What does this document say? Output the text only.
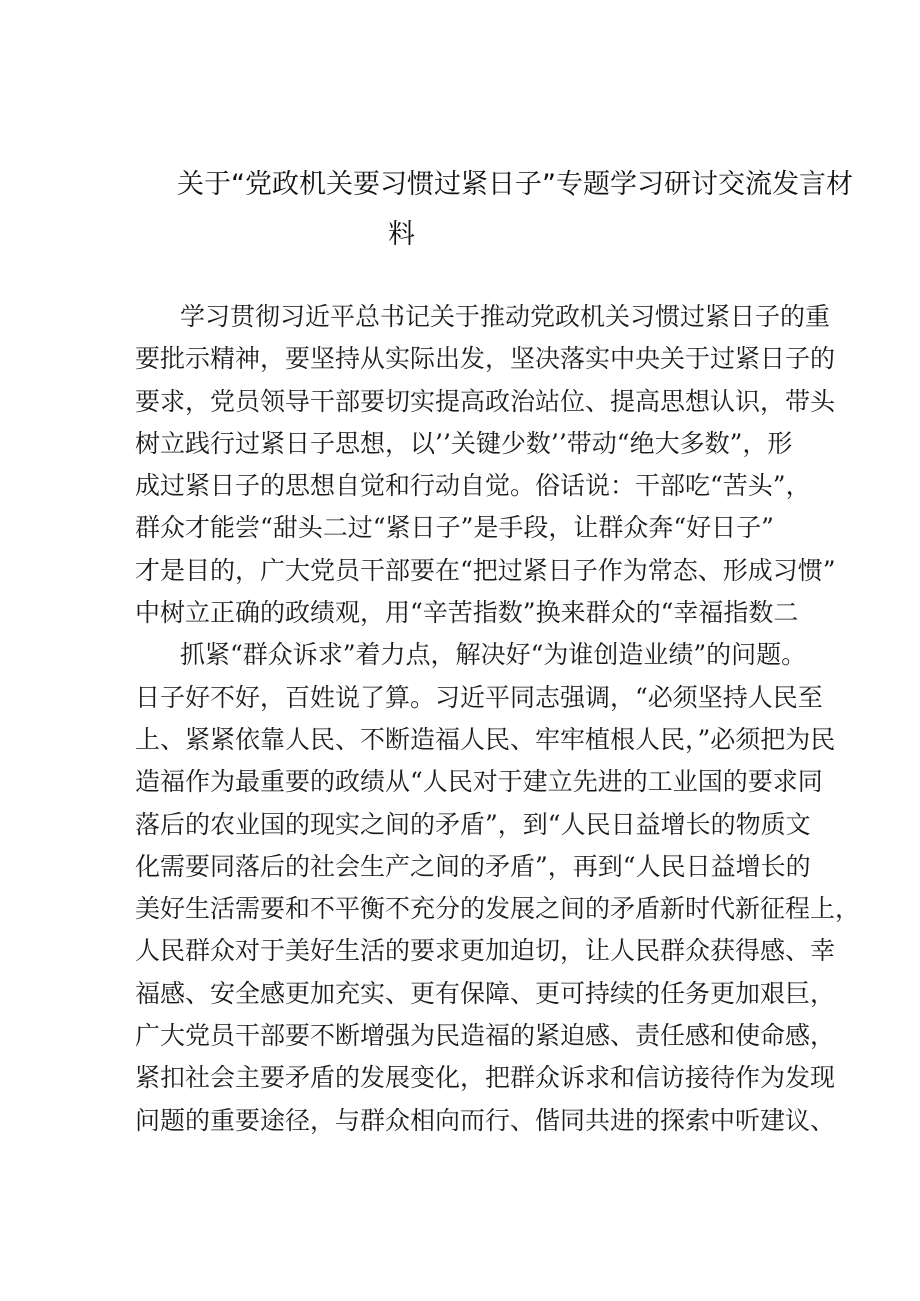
关于“党政机关要习惯过紧日子”专题学习研讨交流发言材
料
学习贯彻习近平总书记关于推动党政机关习惯过紧日子的重
要批示精神，要坚持从实际出发，坚决落实中央关于过紧日子的
要求，党员领导干部要切实提高政治站位、提高思想认识，带头
树立践行过紧日子思想，以’’关键少数’’带动“绝大多数”，形
成过紧日子的思想自觉和行动自觉。俗话说：干部吃“苦头”，
群众才能尝“甜头二过“紧日子”是手段，让群众奔“好日子”
才是目的，广大党员干部要在“把过紧日子作为常态、形成习惯”
中树立正确的政绩观，用“辛苦指数”换来群众的“幸福指数二
抓紧“群众诉求”着力点，解决好“为谁创造业绩”的问题。
日子好不好，百姓说了算。习近平同志强调，“必须坚持人民至
上、紧紧依靠人民、不断造福人民、牢牢植根人民，”必须把为民
造福作为最重要的政绩从“人民对于建立先进的工业国的要求同
落后的农业国的现实之间的矛盾”，到“人民日益增长的物质文
化需要同落后的社会生产之间的矛盾”，再到“人民日益增长的
美好生活需要和不平衡不充分的发展之间的矛盾新时代新征程上，
人民群众对于美好生活的要求更加迫切，让人民群众获得感、幸
福感、安全感更加充实、更有保障、更可持续的任务更加艰巨，
广大党员干部要不断增强为民造福的紧迫感、责任感和使命感，
紧扣社会主要矛盾的发展变化，把群众诉求和信访接待作为发现
问题的重要途径，与群众相向而行、偕同共进的探索中听建议、
